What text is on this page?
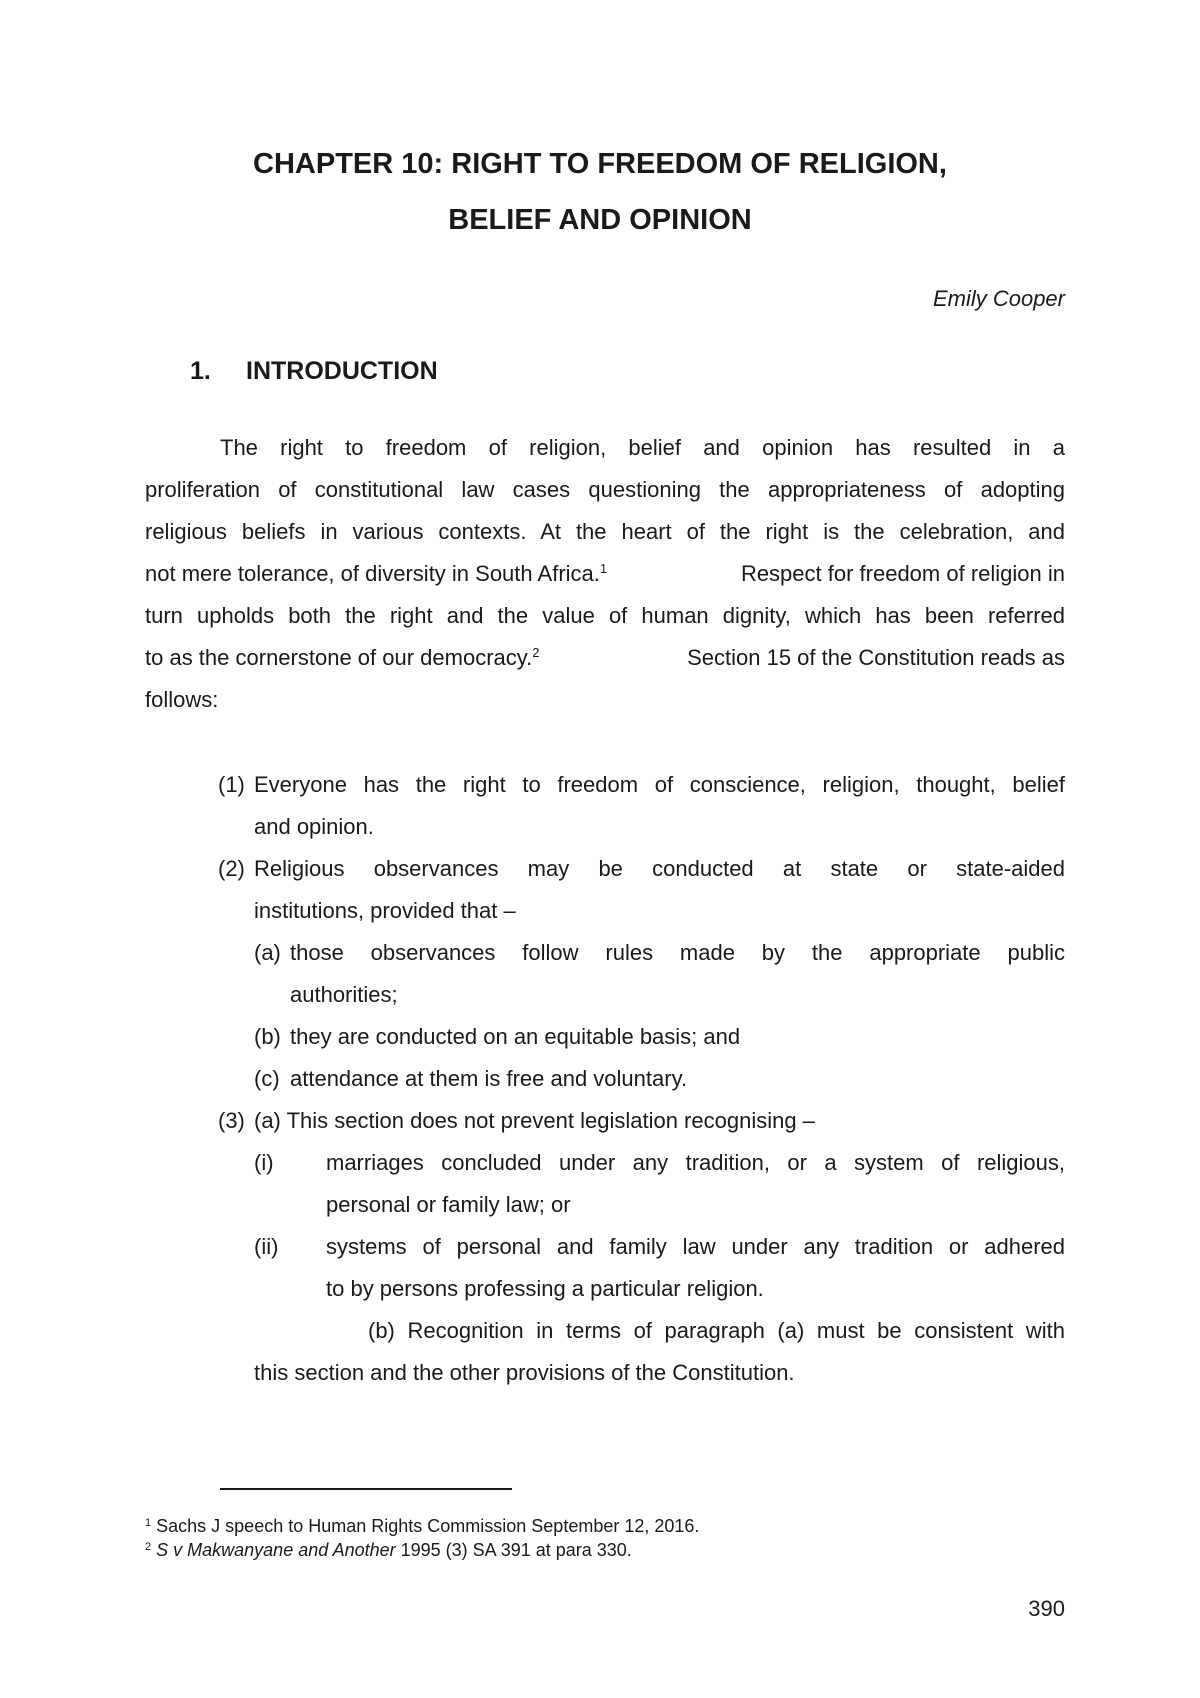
CHAPTER 10: RIGHT TO FREEDOM OF RELIGION,
BELIEF AND OPINION
Emily Cooper
1. INTRODUCTION
The right to freedom of religion, belief and opinion has resulted in a
proliferation of constitutional law cases questioning the appropriateness of adopting
religious beliefs in various contexts. At the heart of the right is the celebration, and
not mere tolerance, of diversity in South Africa.$^1$	Respect for freedom of religion in
turn upholds both the right and the value of human dignity, which has been referred
to as the cornerstone of our democracy.$^2$	Section 15 of the Constitution reads as
follows:
(1) Everyone has the right to freedom of conscience, religion, thought, belief
and opinion.
(2) Religious observances may be conducted at state or state-aided
institutions, provided that –
(a) those observances follow rules made by the appropriate public
authorities;
(b) they are conducted on an equitable basis; and
(c) attendance at them is free and voluntary.
(3) (a) This section does not prevent legislation recognising –
(i) marriages concluded under any tradition, or a system of religious,
personal or family law; or
(ii) systems of personal and family law under any tradition or adhered
to by persons professing a particular religion.
(b) Recognition in terms of paragraph (a) must be consistent with
this section and the other provisions of the Constitution.
$^1$ Sachs J speech to Human Rights Commission September 12, 2016.
$^2$ S v Makwanyane and Another 1995 (3) SA 391 at para 330.
390
